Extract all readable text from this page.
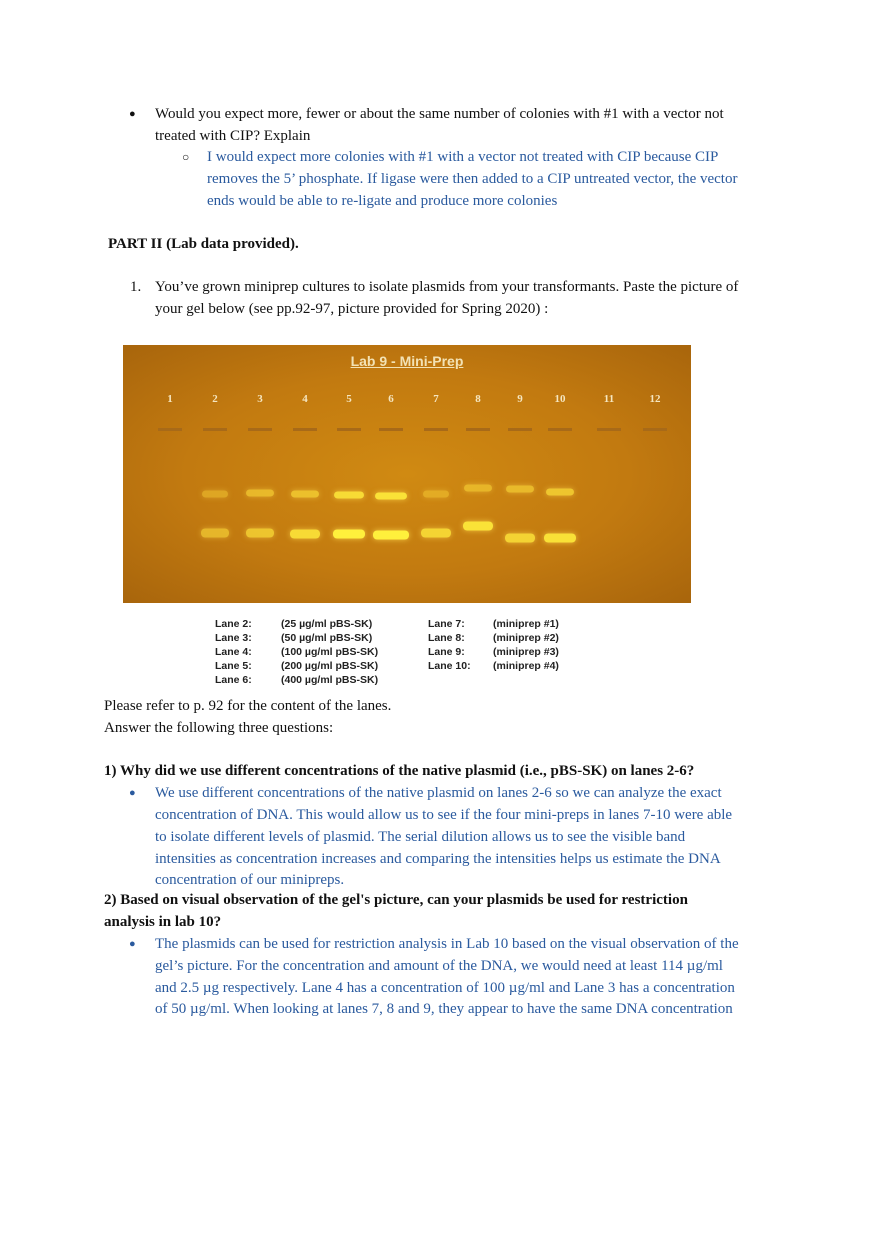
● Would you expect more, fewer or about the same number of colonies with #1 with a vector not
treated with CIP? Explain
○ I would expect more colonies with #1 with a vector not treated with CIP because CIP
removes the 5’ phosphate. If ligase were then added to a CIP untreated vector, the vector
ends would be able to re-ligate and produce more colonies
PART II (Lab data provided).
1. You’ve grown miniprep cultures to isolate plasmids from your transformants. Paste the picture of
your gel below (see pp.92-97, picture provided for Spring 2020) :
Lab 9 - Mini-Prep
1	2	3	4	5	6	7	8	9	10	11	12
Lane 2:	(25 µg/ml pBS-SK)
Lane 3:	(50 µg/ml pBS-SK)
Lane 4:	(100 µg/ml pBS-SK)
Lane 5:	(200 µg/ml pBS-SK)
Lane 6:	(400 µg/ml pBS-SK)
Lane 7:	(miniprep #1)
Lane 8:	(miniprep #2)
Lane 9:	(miniprep #3)
Lane 10: (miniprep #4)
Please refer to p. 92 for the content of the lanes.
Answer the following three questions:
1) Why did we use different concentrations of the native plasmid (i.e., pBS-SK) on lanes 2-6?
● We use different concentrations of the native plasmid on lanes 2-6 so we can analyze the exact
concentration of DNA. This would allow us to see if the four mini-preps in lanes 7-10 were able
to isolate different levels of plasmid. The serial dilution allows us to see the visible band
intensities as concentration increases and comparing the intensities helps us estimate the DNA
concentration of our minipreps.
2) Based on visual observation of the gel's picture, can your plasmids be used for restriction
analysis in lab 10?
● The plasmids can be used for restriction analysis in Lab 10 based on the visual observation of the
gel’s picture. For the concentration and amount of the DNA, we would need at least 114 µg/ml
and 2.5 µg respectively. Lane 4 has a concentration of 100 µg/ml and Lane 3 has a concentration
of 50 µg/ml. When looking at lanes 7, 8 and 9, they appear to have the same DNA concentration
